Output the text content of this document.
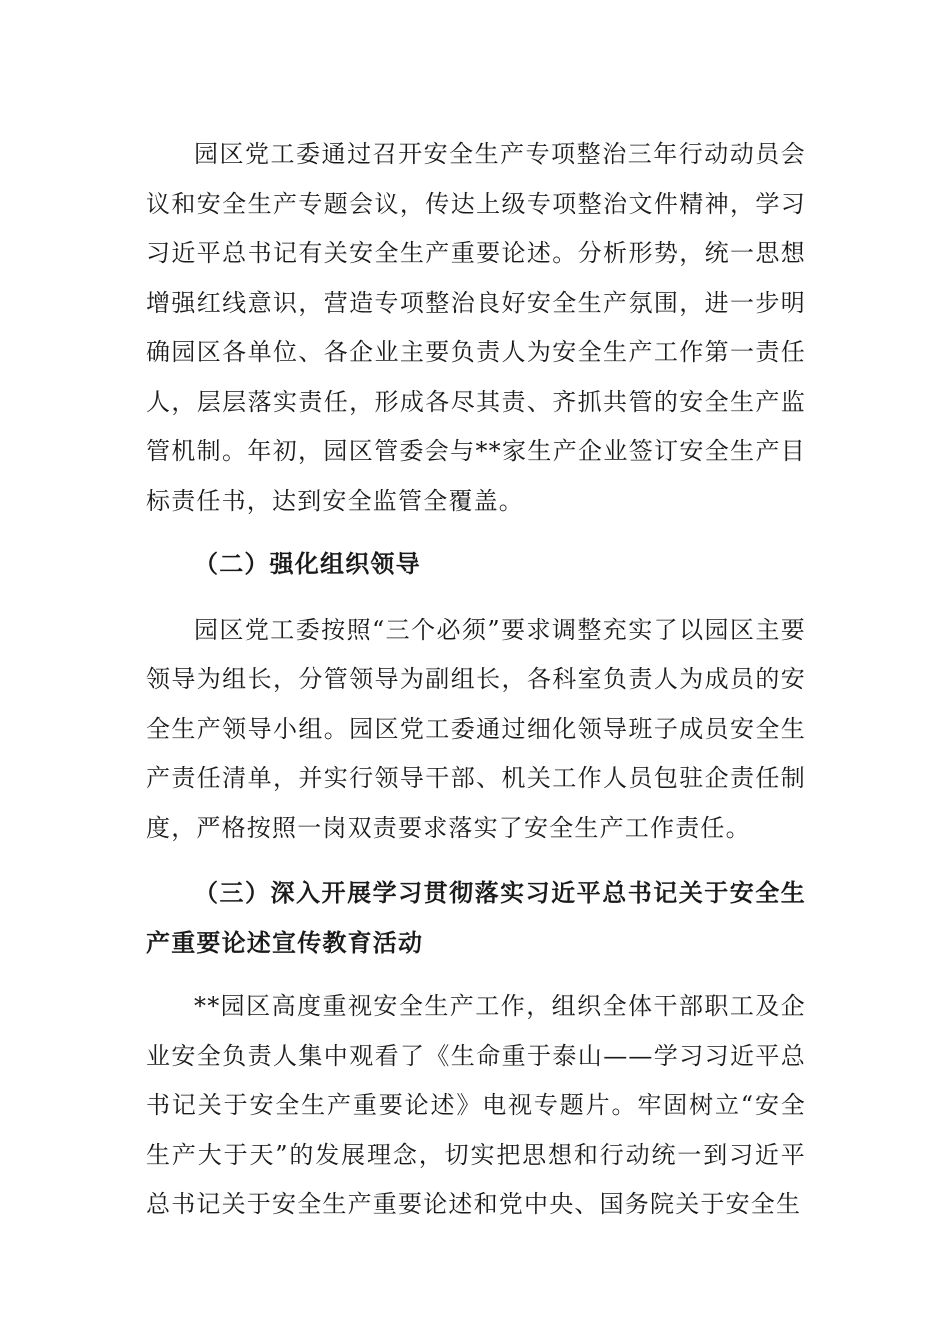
园区党工委通过召开安全生产专项整治三年行动动员会议和安全生产专题会议，传达上级专项整治文件精神，学习习近平总书记有关安全生产重要论述。分析形势，统一思想增强红线意识，营造专项整治良好安全生产氛围，进一步明确园区各单位、各企业主要负责人为安全生产工作第一责任人，层层落实责任，形成各尽其责、齐抓共管的安全生产监管机制。年初，园区管委会与**家生产企业签订安全生产目标责任书，达到安全监管全覆盖。

（二）强化组织领导

园区党工委按照“三个必须”要求调整充实了以园区主要领导为组长，分管领导为副组长，各科室负责人为成员的安全生产领导小组。园区党工委通过细化领导班子成员安全生产责任清单，并实行领导干部、机关工作人员包驻企责任制度，严格按照一岗双责要求落实了安全生产工作责任。

（三）深入开展学习贯彻落实习近平总书记关于安全生产重要论述宣传教育活动

**园区高度重视安全生产工作，组织全体干部职工及企业安全负责人集中观看了《生命重于泰山——学习习近平总书记关于安全生产重要论述》电视专题片。牢固树立“安全生产大于天”的发展理念，切实把思想和行动统一到习近平总书记关于安全生产重要论述和党中央、国务院关于安全生
